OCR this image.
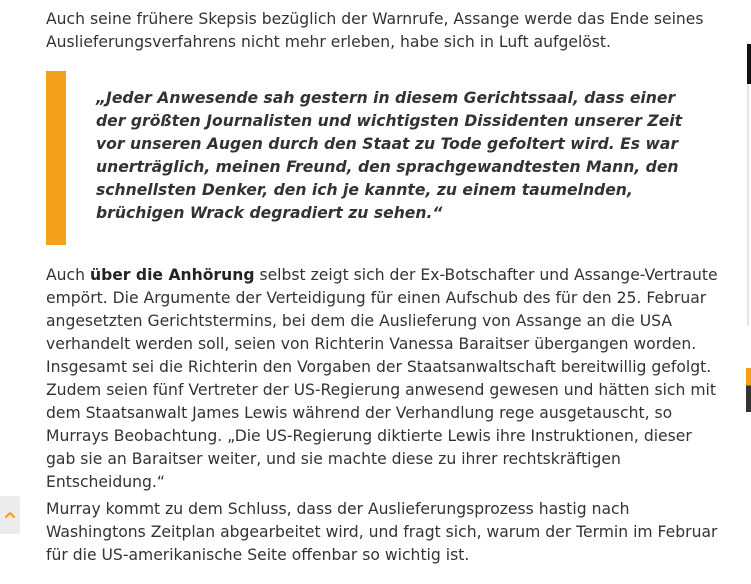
Auch seine frühere Skepsis bezüglich der Warnrufe, Assange werde das Ende seines Auslieferungsverfahrens nicht mehr erleben, habe sich in Luft aufgelöst.

„Jeder Anwesende sah gestern in diesem Gerichtssaal, dass einer der größten Journalisten und wichtigsten Dissidenten unserer Zeit vor unseren Augen durch den Staat zu Tode gefoltert wird. Es war unerträglich, meinen Freund, den sprachgewandtesten Mann, den schnellsten Denker, den ich je kannte, zu einem taumelnden, brüchigen Wrack degradiert zu sehen.“

Auch über die Anhörung selbst zeigt sich der Ex-Botschafter und Assange-Vertraute empört. Die Argumente der Verteidigung für einen Aufschub des für den 25. Februar angesetzten Gerichtstermins, bei dem die Auslieferung von Assange an die USA verhandelt werden soll, seien von Richterin Vanessa Baraitser übergangen worden. Insgesamt sei die Richterin den Vorgaben der Staatsanwaltschaft bereitwillig gefolgt. Zudem seien fünf Vertreter der US-Regierung anwesend gewesen und hätten sich mit dem Staatsanwalt James Lewis während der Verhandlung rege ausgetauscht, so Murrays Beobachtung. „Die US-Regierung diktierte Lewis ihre Instruktionen, dieser gab sie an Baraitser weiter, und sie machte diese zu ihrer rechtskräftigen Entscheidung.“

Murray kommt zu dem Schluss, dass der Auslieferungsprozess hastig nach Washingtons Zeitplan abgearbeitet wird, und fragt sich, warum der Termin im Februar für die US-amerikanische Seite offenbar so wichtig ist.
